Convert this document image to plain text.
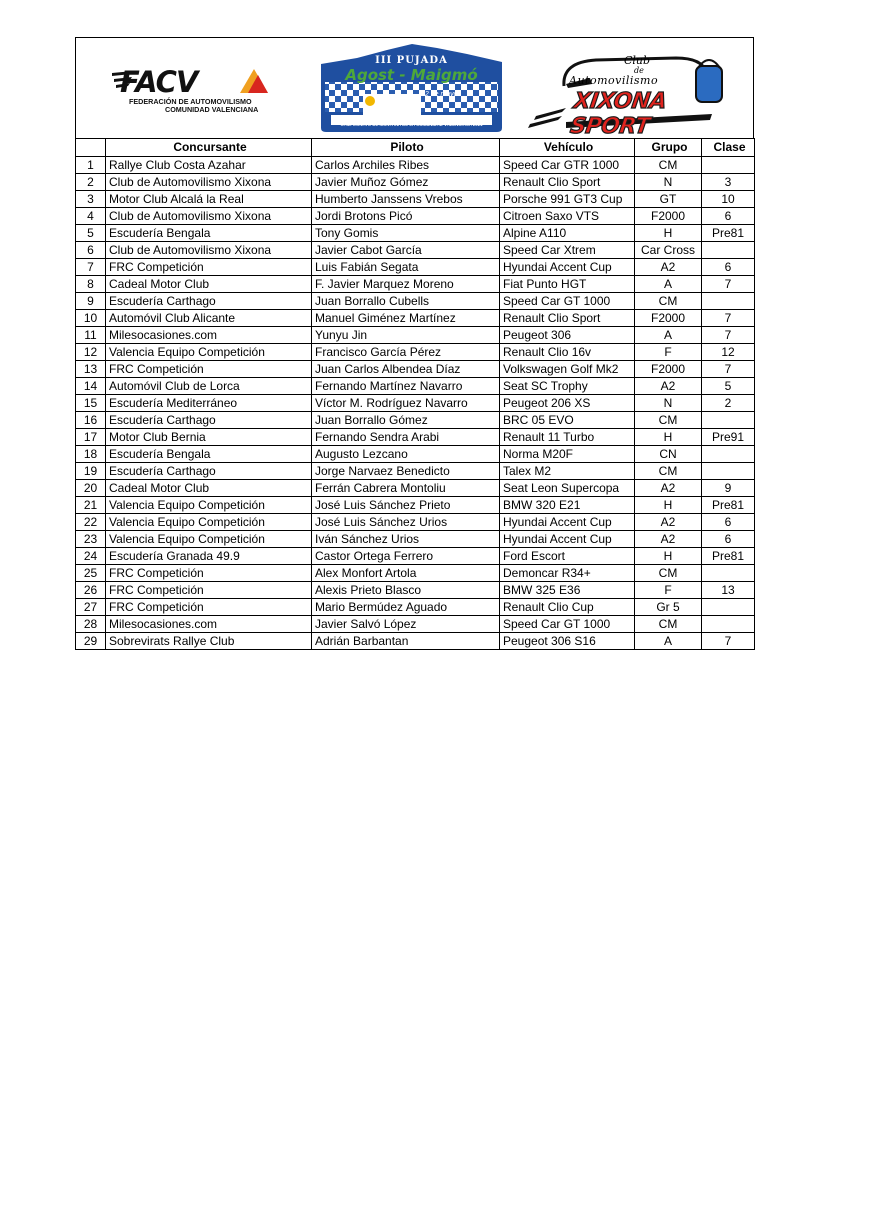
FACV
FEDERACIÓN DE AUTOMOVILISMO
COMUNIDAD VALENCIANA
III PUJADA
Agost - Maigmó
22 de mayo
CAMPEONATO DE MONTAÑA DE LA COMUNIDAD VALENCIANA 2021
Club
de
Automovilismo
XIXONA SPORT
	Concursante	Piloto	Vehículo	Grupo	Clase
1	Rallye Club Costa Azahar	Carlos Archiles Ribes	Speed Car GTR 1000	CM	
2	Club de Automovilismo Xixona	Javier Muñoz Gómez	Renault Clio Sport	N	3
3	Motor Club Alcalá la Real	Humberto Janssens Vrebos	Porsche 991 GT3 Cup	GT	10
4	Club de Automovilismo Xixona	Jordi Brotons Picó	Citroen Saxo VTS	F2000	6
5	Escudería Bengala	Tony Gomis	Alpine A110	H	Pre81
6	Club de Automovilismo Xixona	Javier Cabot García	Speed Car Xtrem	Car Cross	
7	FRC Competición	Luis Fabián Segata	Hyundai Accent Cup	A2	6
8	Cadeal Motor Club	F. Javier Marquez Moreno	Fiat Punto HGT	A	7
9	Escudería Carthago	Juan Borrallo Cubells	Speed Car GT 1000	CM	
10	Automóvil Club Alicante	Manuel Giménez Martínez	Renault Clio Sport	F2000	7
11	Milesocasiones.com	Yunyu Jin	Peugeot 306	A	7
12	Valencia Equipo Competición	Francisco García Pérez	Renault Clio 16v	F	12
13	FRC Competición	Juan Carlos Albendea Díaz	Volkswagen Golf Mk2	F2000	7
14	Automóvil Club de Lorca	Fernando Martínez Navarro	Seat SC Trophy	A2	5
15	Escudería Mediterráneo	Víctor M. Rodríguez Navarro	Peugeot 206 XS	N	2
16	Escudería Carthago	Juan Borrallo Gómez	BRC 05 EVO	CM	
17	Motor Club Bernia	Fernando Sendra Arabi	Renault 11 Turbo	H	Pre91
18	Escudería Bengala	Augusto Lezcano	Norma M20F	CN	
19	Escudería Carthago	Jorge Narvaez Benedicto	Talex M2	CM	
20	Cadeal Motor Club	Ferrán Cabrera Montoliu	Seat Leon Supercopa	A2	9
21	Valencia Equipo Competición	José Luis Sánchez Prieto	BMW 320 E21	H	Pre81
22	Valencia Equipo Competición	José Luis Sánchez Urios	Hyundai Accent Cup	A2	6
23	Valencia Equipo Competición	Iván Sánchez Urios	Hyundai Accent Cup	A2	6
24	Escudería Granada 49.9	Castor Ortega Ferrero	Ford Escort	H	Pre81
25	FRC Competición	Alex Monfort Artola	Demoncar R34+	CM	
26	FRC Competición	Alexis Prieto Blasco	BMW 325 E36	F	13
27	FRC Competición	Mario Bermúdez Aguado	Renault Clio Cup	Gr 5	
28	Milesocasiones.com	Javier Salvó López	Speed Car GT 1000	CM	
29	Sobrevirats Rallye Club	Adrián Barbantan	Peugeot 306 S16	A	7
